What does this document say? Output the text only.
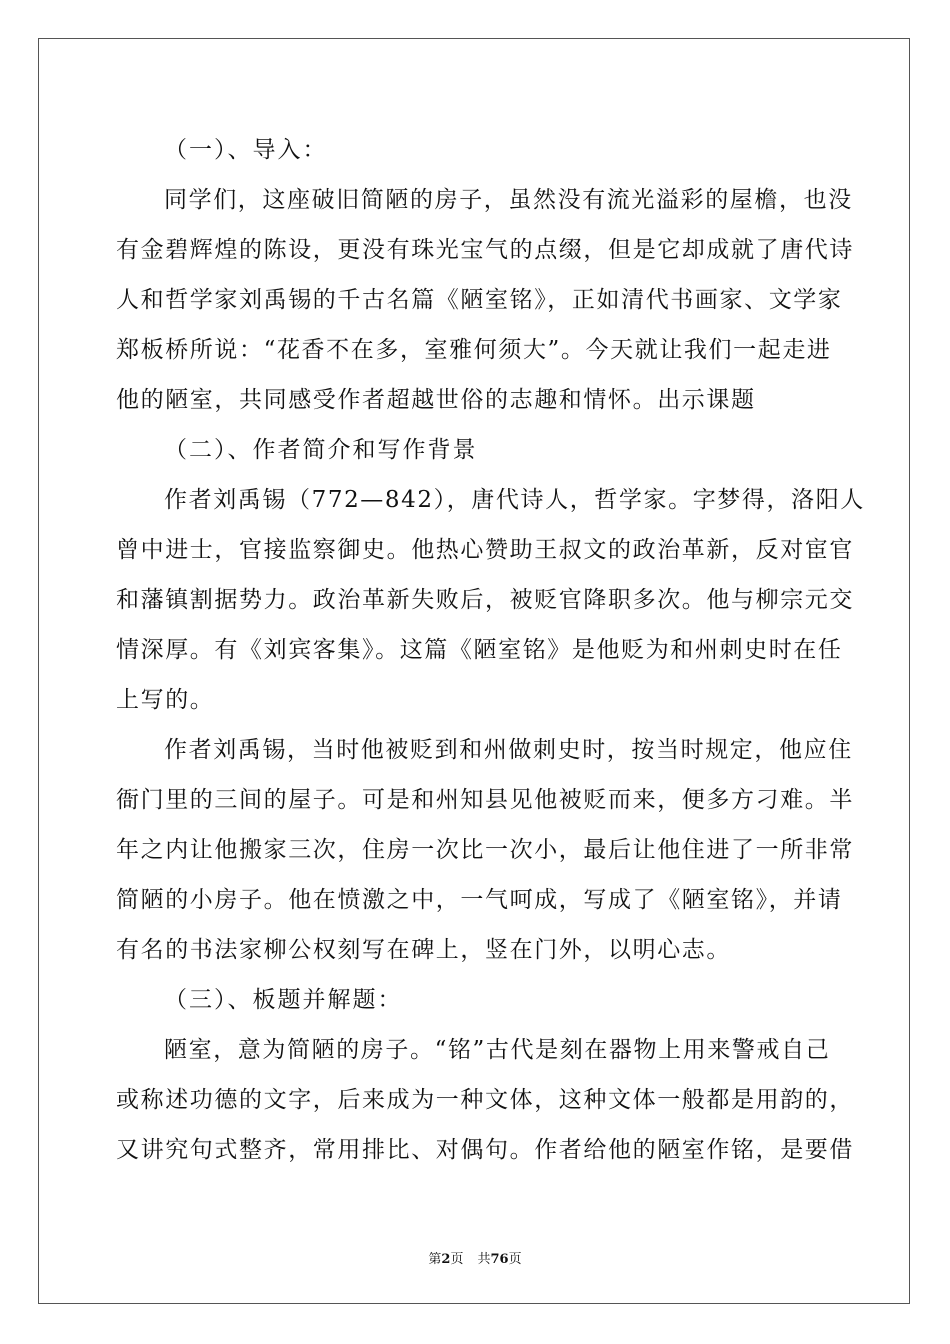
（一）、导入：
同学们，这座破旧简陋的房子，虽然没有流光溢彩的屋檐，也没
有金碧辉煌的陈设，更没有珠光宝气的点缀，但是它却成就了唐代诗
人和哲学家刘禹锡的千古名篇《陋室铭》，正如清代书画家、文学家
郑板桥所说：“花香不在多，室雅何须大”。今天就让我们一起走进
他的陋室，共同感受作者超越世俗的志趣和情怀。出示课题
（二）、作者简介和写作背景
作者刘禹锡（772—842），唐代诗人，哲学家。字梦得，洛阳人
曾中进士，官接监察御史。他热心赞助王叔文的政治革新，反对宦官
和藩镇割据势力。政治革新失败后，被贬官降职多次。他与柳宗元交
情深厚。有《刘宾客集》。这篇《陋室铭》是他贬为和州刺史时在任
上写的。
作者刘禹锡，当时他被贬到和州做刺史时，按当时规定，他应住
衙门里的三间的屋子。可是和州知县见他被贬而来，便多方刁难。半
年之内让他搬家三次，住房一次比一次小，最后让他住进了一所非常
简陋的小房子。他在愤激之中，一气呵成，写成了《陋室铭》，并请
有名的书法家柳公权刻写在碑上，竖在门外，以明心志。
（三）、板题并解题：
陋室，意为简陋的房子。“铭”古代是刻在器物上用来警戒自己
或称述功德的文字，后来成为一种文体，这种文体一般都是用韵的，
又讲究句式整齐，常用排比、对偶句。作者给他的陋室作铭，是要借
第2页 共76页
